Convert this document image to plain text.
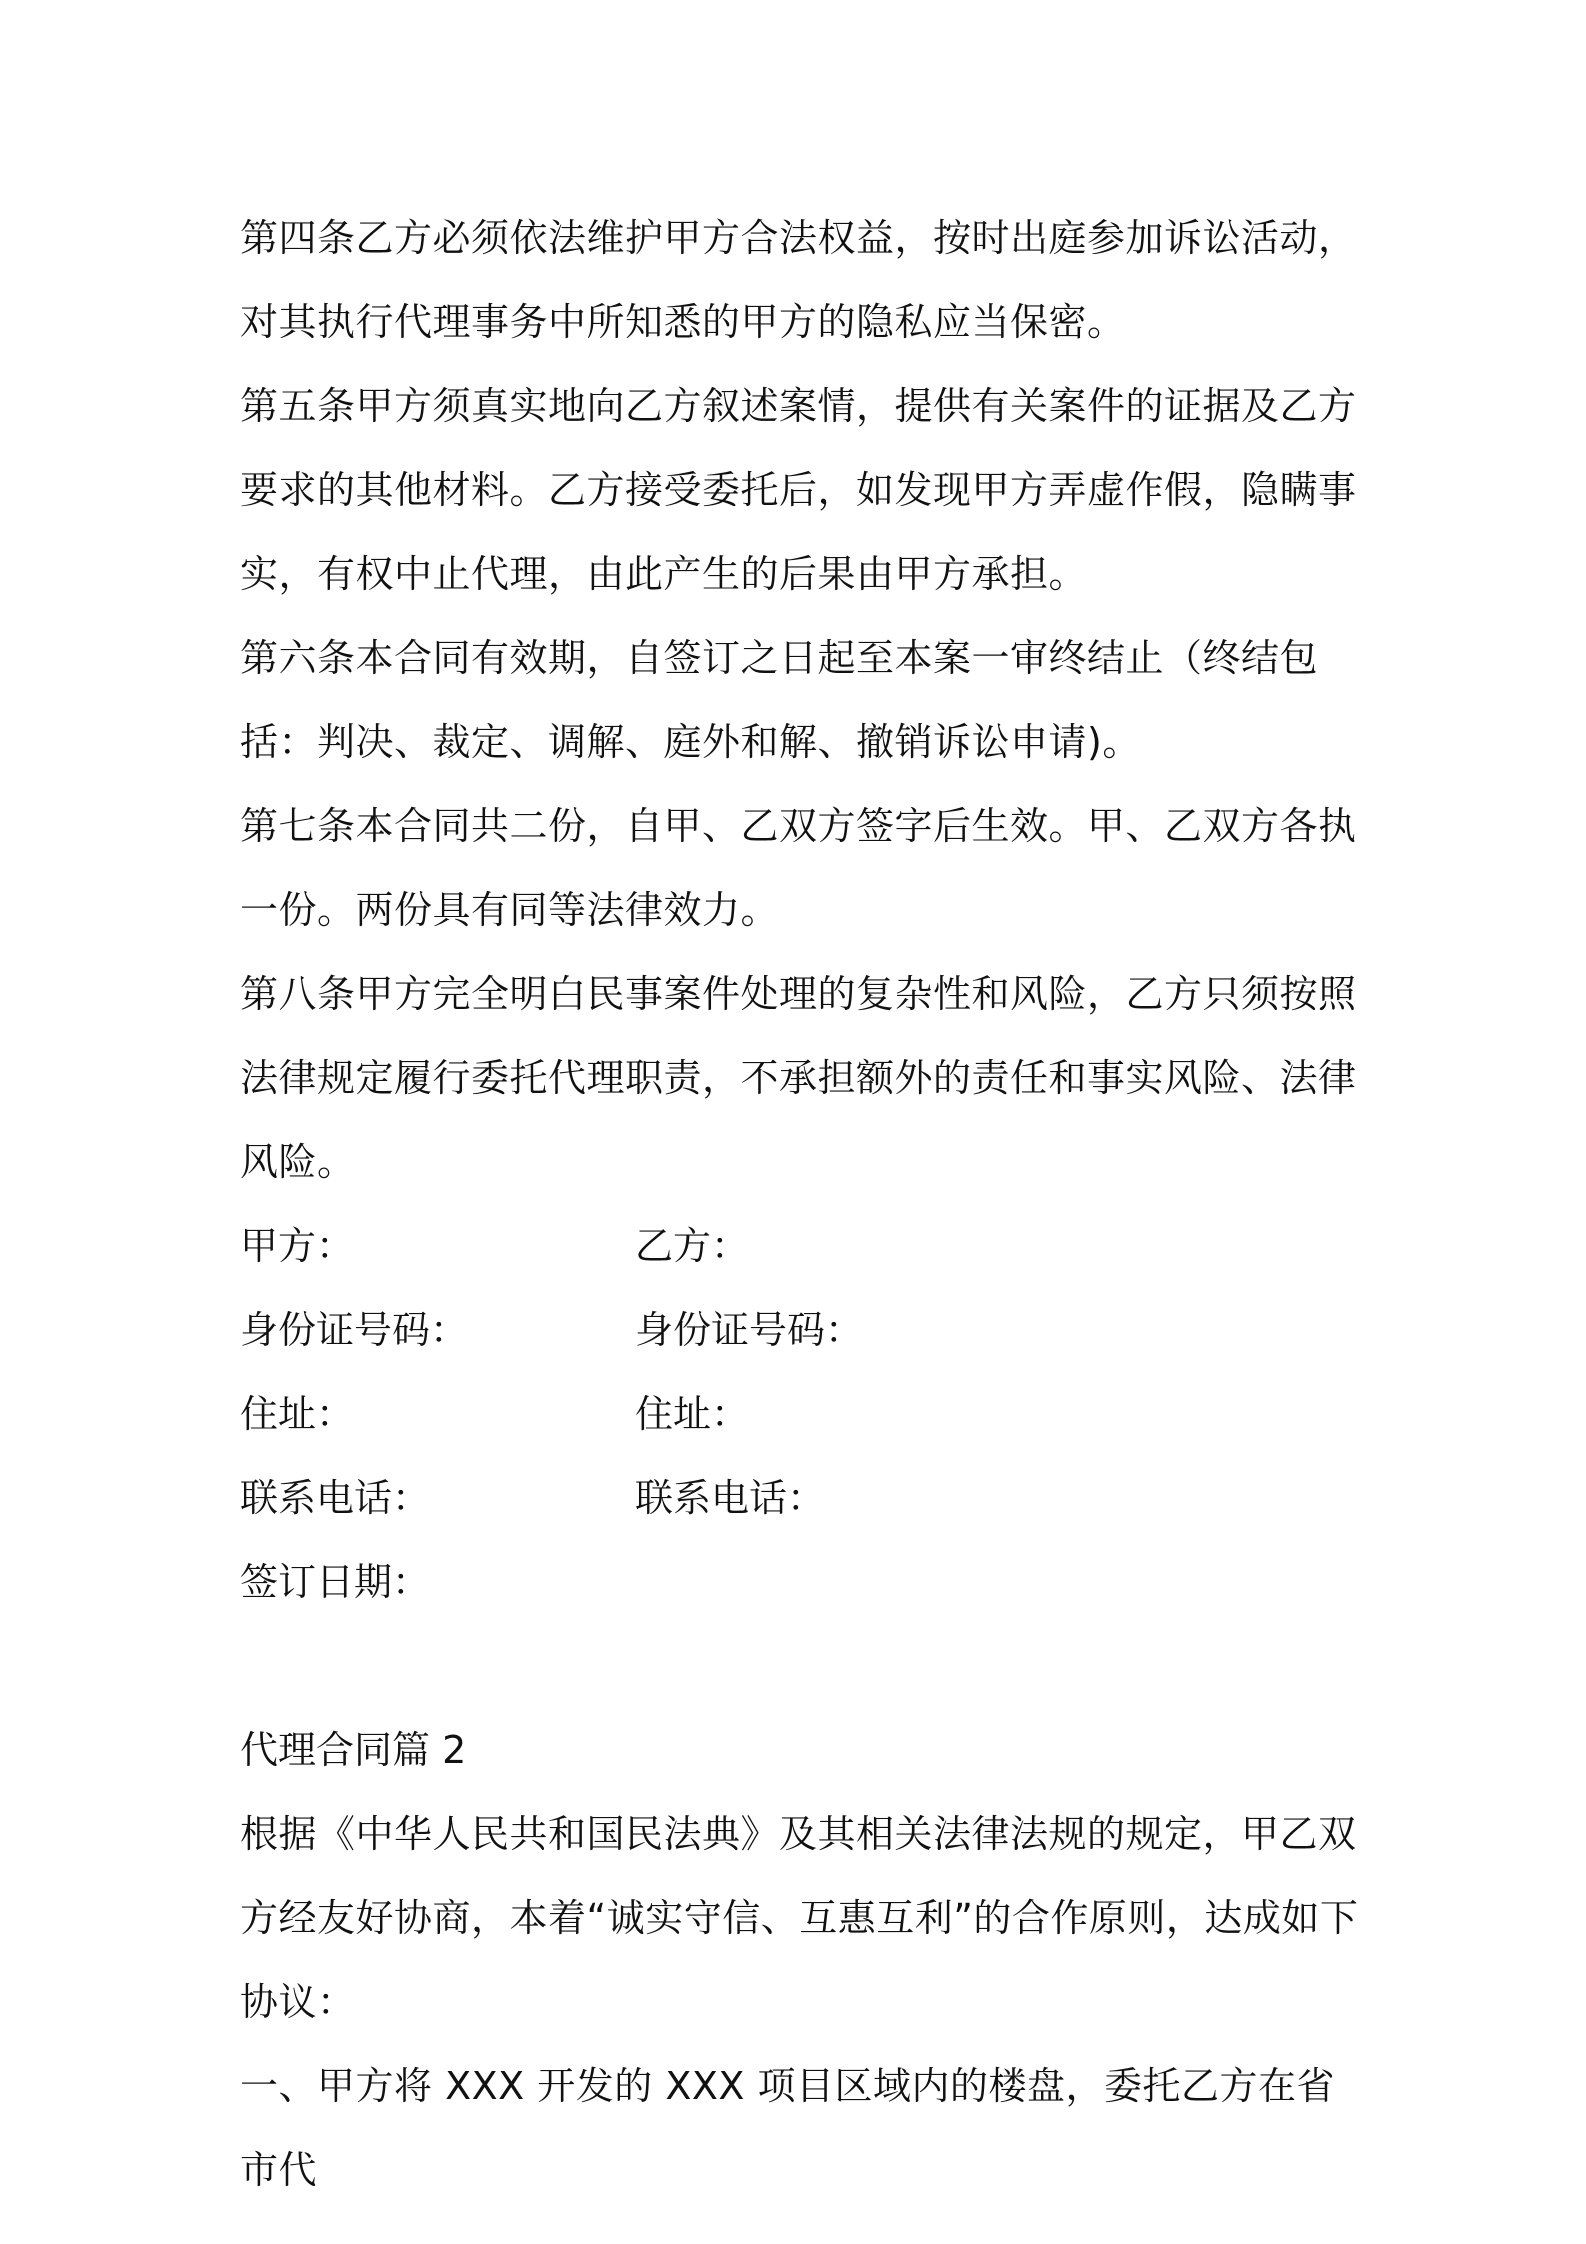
第四条乙方必须依法维护甲方合法权益，按时出庭参加诉讼活动，对其执行代理事务中所知悉的甲方的隐私应当保密。

第五条甲方须真实地向乙方叙述案情，提供有关案件的证据及乙方要求的其他材料。乙方接受委托后，如发现甲方弄虚作假，隐瞒事实，有权中止代理，由此产生的后果由甲方承担。

第六条本合同有效期，自签订之日起至本案一审终结止（终结包括：判决、裁定、调解、庭外和解、撤销诉讼申请)。

第七条本合同共二份，自甲、乙双方签字后生效。甲、乙双方各执一份。两份具有同等法律效力。

第八条甲方完全明白民事案件处理的复杂性和风险，乙方只须按照法律规定履行委托代理职责，不承担额外的责任和事实风险、法律风险。

甲方：	乙方：
身份证号码：	身份证号码：
住址：	住址：
联系电话：	联系电话：
签订日期：

代理合同篇 2

根据《中华人民共和国民法典》及其相关法律法规的规定，甲乙双方经友好协商，本着“诚实守信、互惠互利”的合作原则，达成如下协议：

一、甲方将 XXX 开发的 XXX 项目区域内的楼盘，委托乙方在省市代
